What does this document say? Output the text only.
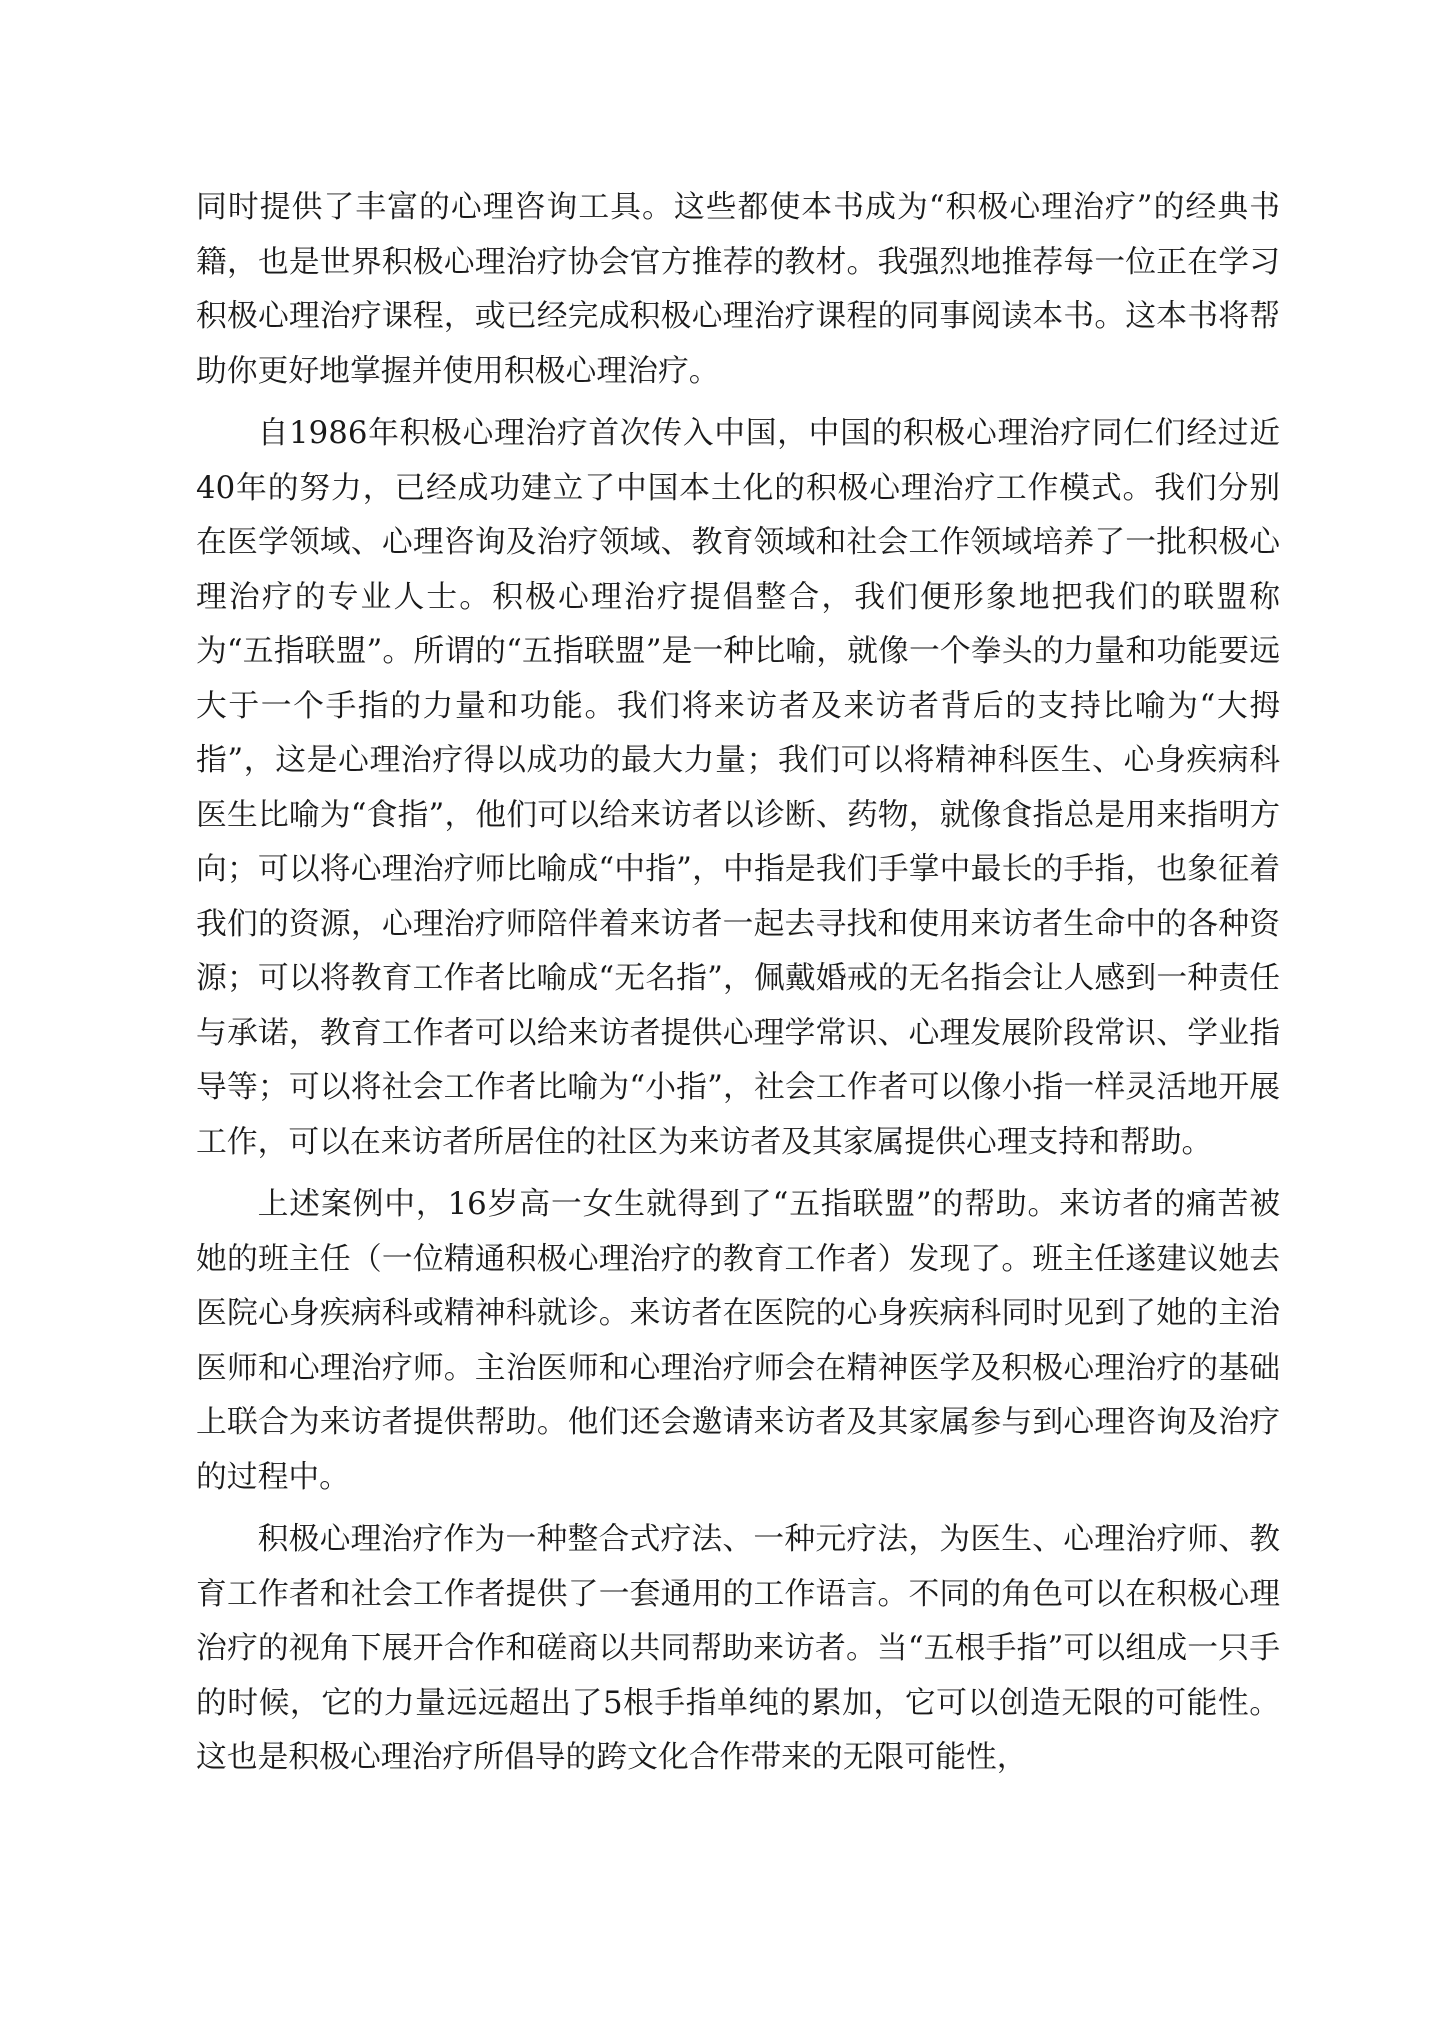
同时提供了丰富的心理咨询工具。这些都使本书成为“积极心理治疗”的经典书籍，也是世界积极心理治疗协会官方推荐的教材。我强烈地推荐每一位正在学习积极心理治疗课程，或已经完成积极心理治疗课程的同事阅读本书。这本书将帮助你更好地掌握并使用积极心理治疗。

自1986年积极心理治疗首次传入中国，中国的积极心理治疗同仁们经过近40年的努力，已经成功建立了中国本土化的积极心理治疗工作模式。我们分别在医学领域、心理咨询及治疗领域、教育领域和社会工作领域培养了一批积极心理治疗的专业人士。积极心理治疗提倡整合，我们便形象地把我们的联盟称为“五指联盟”。所谓的“五指联盟”是一种比喻，就像一个拳头的力量和功能要远大于一个手指的力量和功能。我们将来访者及来访者背后的支持比喻为“大拇指”，这是心理治疗得以成功的最大力量；我们可以将精神科医生、心身疾病科医生比喻为“食指”，他们可以给来访者以诊断、药物，就像食指总是用来指明方向；可以将心理治疗师比喻成“中指”，中指是我们手掌中最长的手指，也象征着我们的资源，心理治疗师陪伴着来访者一起去寻找和使用来访者生命中的各种资源；可以将教育工作者比喻成“无名指”，佩戴婚戒的无名指会让人感到一种责任与承诺，教育工作者可以给来访者提供心理学常识、心理发展阶段常识、学业指导等；可以将社会工作者比喻为“小指”，社会工作者可以像小指一样灵活地开展工作，可以在来访者所居住的社区为来访者及其家属提供心理支持和帮助。

上述案例中，16岁高一女生就得到了“五指联盟”的帮助。来访者的痛苦被她的班主任（一位精通积极心理治疗的教育工作者）发现了。班主任遂建议她去医院心身疾病科或精神科就诊。来访者在医院的心身疾病科同时见到了她的主治医师和心理治疗师。主治医师和心理治疗师会在精神医学及积极心理治疗的基础上联合为来访者提供帮助。他们还会邀请来访者及其家属参与到心理咨询及治疗的过程中。

积极心理治疗作为一种整合式疗法、一种元疗法，为医生、心理治疗师、教育工作者和社会工作者提供了一套通用的工作语言。不同的角色可以在积极心理治疗的视角下展开合作和磋商以共同帮助来访者。当“五根手指”可以组成一只手的时候，它的力量远远超出了5根手指单纯的累加，它可以创造无限的可能性。这也是积极心理治疗所倡导的跨文化合作带来的无限可能性，
